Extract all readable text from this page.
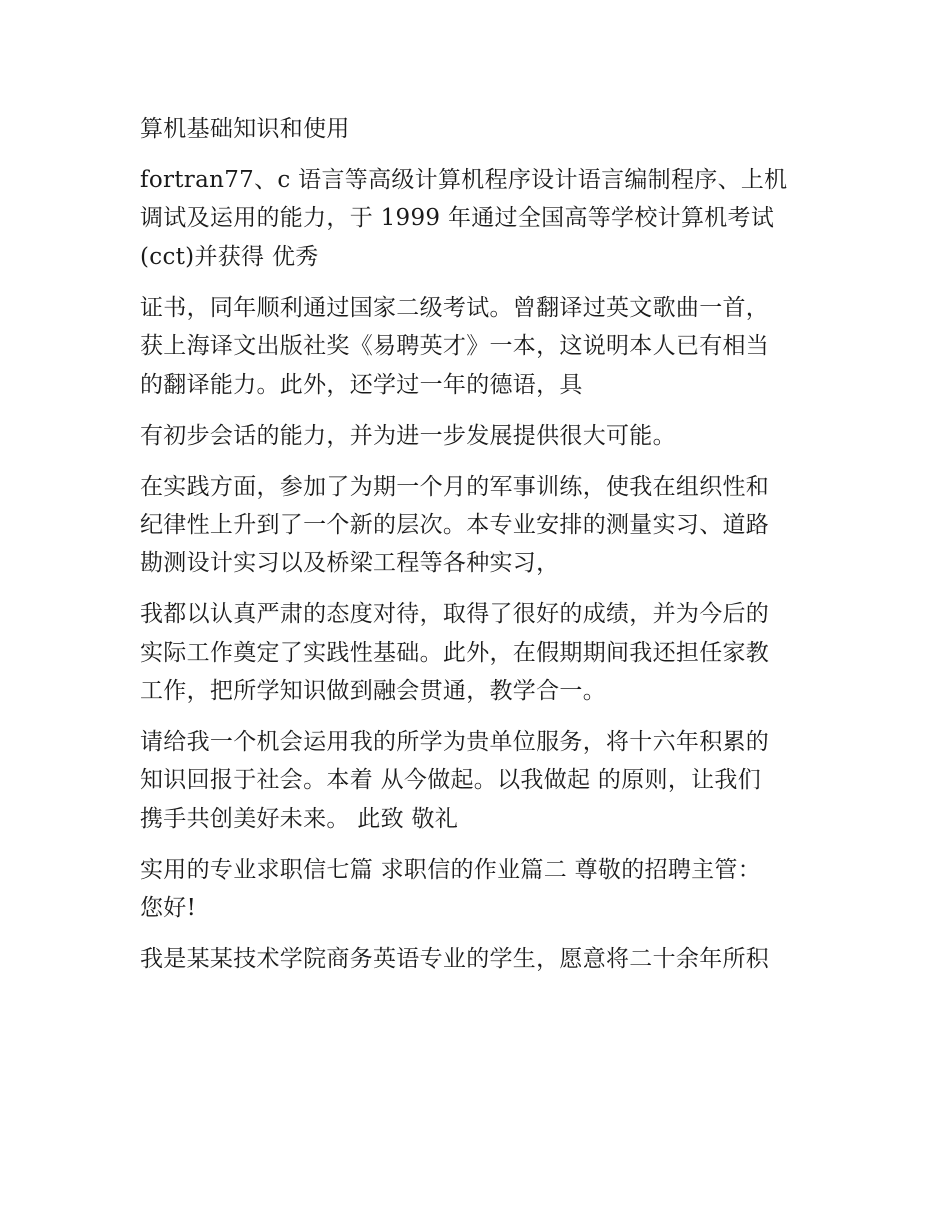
算机基础知识和使用
fortran77、c 语言等高级计算机程序设计语言编制程序、上机
调试及运用的能力，于 1999 年通过全国高等学校计算机考试
(cct)并获得 优秀
证书，同年顺利通过国家二级考试。曾翻译过英文歌曲一首，
获上海译文出版社奖《易聘英才》一本，这说明本人已有相当
的翻译能力。此外，还学过一年的德语，具
有初步会话的能力，并为进一步发展提供很大可能。
在实践方面，参加了为期一个月的军事训练，使我在组织性和
纪律性上升到了一个新的层次。本专业安排的测量实习、道路
勘测设计实习以及桥梁工程等各种实习，
我都以认真严肃的态度对待，取得了很好的成绩，并为今后的
实际工作奠定了实践性基础。此外，在假期期间我还担任家教
工作，把所学知识做到融会贯通，教学合一。
请给我一个机会运用我的所学为贵单位服务，将十六年积累的
知识回报于社会。本着 从今做起。以我做起 的原则，让我们
携手共创美好未来。 此致 敬礼
实用的专业求职信七篇 求职信的作业篇二 尊敬的招聘主管：
您好!
我是某某技术学院商务英语专业的学生，愿意将二十余年所积
